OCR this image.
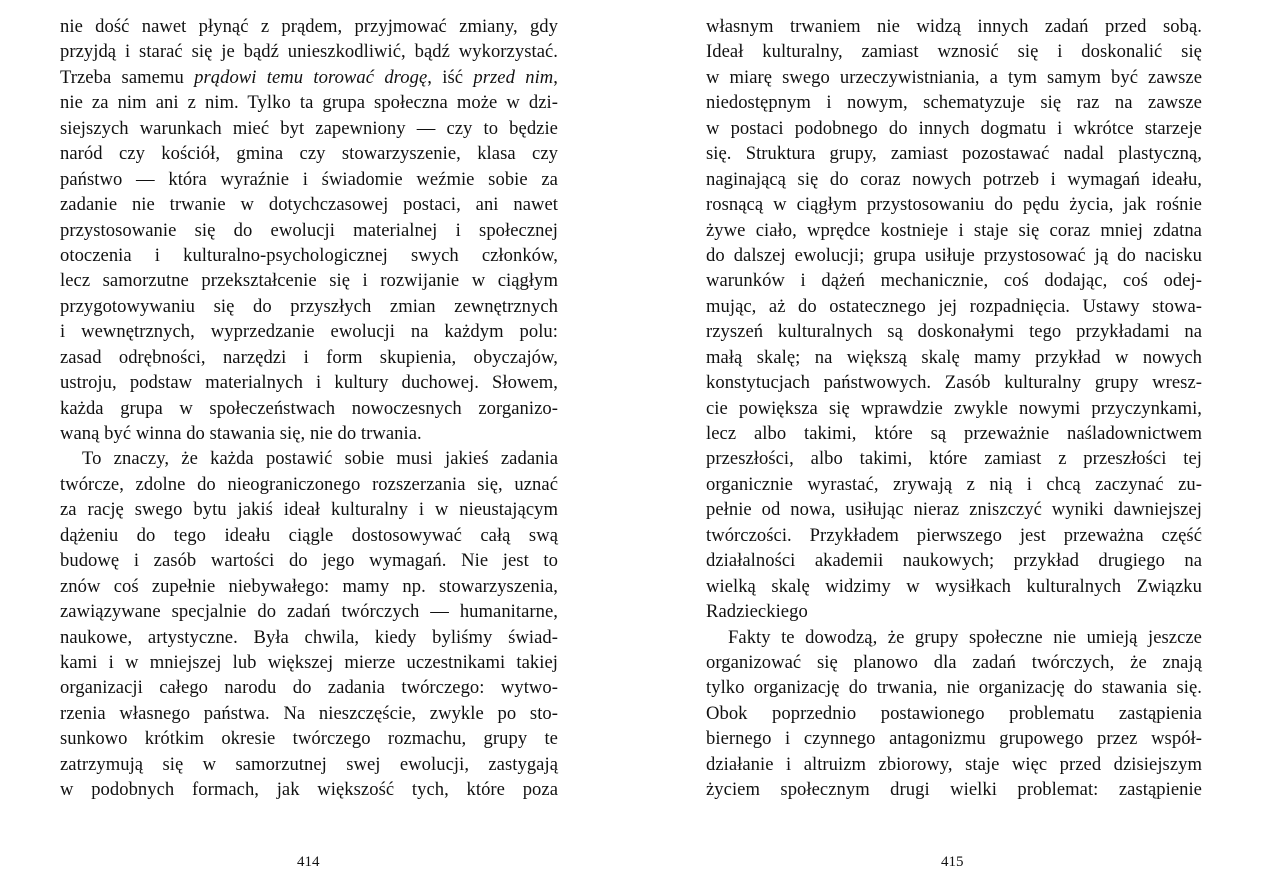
nie dość nawet płynąć z prądem, przyjmować zmiany, gdy
przyjdą i starać się je bądź unieszkodliwić, bądź wykorzystać.
Trzeba samemu prądowi temu torować drogę, iść przed nim,
nie za nim ani z nim. Tylko ta grupa społeczna może w dzi-
siejszych warunkach mieć byt zapewniony — czy to będzie
naród czy kościół, gmina czy stowarzyszenie, klasa czy
państwo — która wyraźnie i świadomie weźmie sobie za
zadanie nie trwanie w dotychczasowej postaci, ani nawet
przystosowanie się do ewolucji materialnej i społecznej
otoczenia i kulturalno-psychologicznej swych członków,
lecz samorzutne przekształcenie się i rozwijanie w ciągłym
przygotowywaniu się do przyszłych zmian zewnętrznych
i wewnętrznych, wyprzedzanie ewolucji na każdym polu:
zasad odrębności, narzędzi i form skupienia, obyczajów,
ustroju, podstaw materialnych i kultury duchowej. Słowem,
każda grupa w społeczeństwach nowoczesnych zorganizo-
waną być winna do stawania się, nie do trwania.
To znaczy, że każda postawić sobie musi jakieś zadania
twórcze, zdolne do nieograniczonego rozszerzania się, uznać
za rację swego bytu jakiś ideał kulturalny i w nieustającym
dążeniu do tego ideału ciągle dostosowywać całą swą
budowę i zasób wartości do jego wymagań. Nie jest to
znów coś zupełnie niebywałego: mamy np. stowarzyszenia,
zawiązywane specjalnie do zadań twórczych — humanitarne,
naukowe, artystyczne. Była chwila, kiedy byliśmy świad-
kami i w mniejszej lub większej mierze uczestnikami takiej
organizacji całego narodu do zadania twórczego: wytwo-
rzenia własnego państwa. Na nieszczęście, zwykle po sto-
sunkowo krótkim okresie twórczego rozmachu, grupy te
zatrzymują się w samorzutnej swej ewolucji, zastygają
w podobnych formach, jak większość tych, które poza
własnym trwaniem nie widzą innych zadań przed sobą.
Ideał kulturalny, zamiast wznosić się i doskonalić się
w miarę swego urzeczywistniania, a tym samym być zawsze
niedostępnym i nowym, schematyzuje się raz na zawsze
w postaci podobnego do innych dogmatu i wkrótce starzeje
się. Struktura grupy, zamiast pozostawać nadal plastyczną,
naginającą się do coraz nowych potrzeb i wymagań ideału,
rosnącą w ciągłym przystosowaniu do pędu życia, jak rośnie
żywe ciało, wprędce kostnieje i staje się coraz mniej zdatna
do dalszej ewolucji; grupa usiłuje przystosować ją do nacisku
warunków i dążeń mechanicznie, coś dodając, coś odej-
mując, aż do ostatecznego jej rozpadnięcia. Ustawy stowa-
rzyszeń kulturalnych są doskonałymi tego przykładami na
małą skalę; na większą skalę mamy przykład w nowych
konstytucjach państwowych. Zasób kulturalny grupy wresz-
cie powiększa się wprawdzie zwykle nowymi przyczynkami,
lecz albo takimi, które są przeważnie naśladownictwem
przeszłości, albo takimi, które zamiast z przeszłości tej
organicznie wyrastać, zrywają z nią i chcą zaczynać zu-
pełnie od nowa, usiłując nieraz zniszczyć wyniki dawniejszej
twórczości. Przykładem pierwszego jest przeważna część
działalności akademii naukowych; przykład drugiego na
wielką skalę widzimy w wysiłkach kulturalnych Związku
Radzieckiego
Fakty te dowodzą, że grupy społeczne nie umieją jeszcze
organizować się planowo dla zadań twórczych, że znają
tylko organizację do trwania, nie organizację do stawania się.
Obok poprzednio postawionego problematu zastąpienia
biernego i czynnego antagonizmu grupowego przez współ-
działanie i altruizm zbiorowy, staje więc przed dzisiejszym
życiem społecznym drugi wielki problemat: zastąpienie
414	415
